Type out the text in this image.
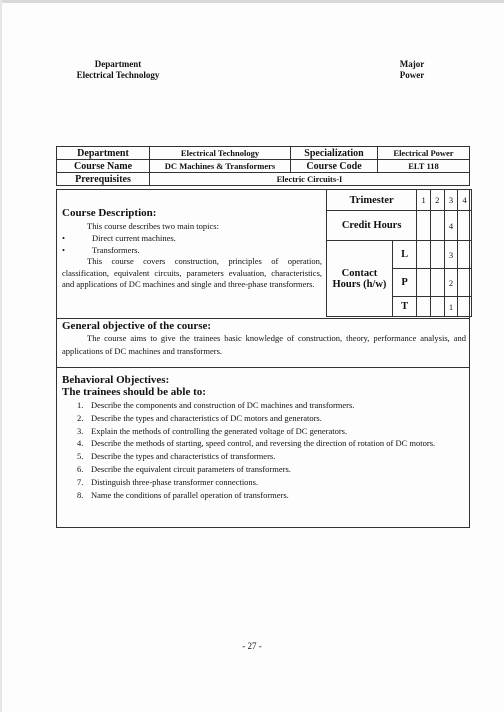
Department
Electrical Technology
Major
Power
Department	Electrical Technology	Specialization	Electrical Power
Course Name	DC Machines & Transformers	Course Code	ELT 118
Prerequisites	Electric Circuits-I		
Course Description:
This course describes two main topics:
•	Direct current machines.
•	Transformers.
This course covers construction, principles of operation, classification, equivalent circuits, parameters evaluation, characteristics, and applications of DC machines and single and three-phase transformers.
Trimester		1	2	3	4
Credit Hours				4	
Contact Hours (h/w)	L			3	
	P			2	
	T			1	
General objective of the course:
The course aims to give the trainees basic knowledge of construction, theory, performance analysis, and applications of DC machines and transformers.
Behavioral Objectives:
The trainees should be able to:
1. Describe the components and construction of DC machines and transformers.
2. Describe the types and characteristics of DC motors and generators.
3. Explain the methods of controlling the generated voltage of DC generators.
4. Describe the methods of starting, speed control, and reversing the direction of rotation of DC motors.
5. Describe the types and characteristics of transformers.
6. Describe the equivalent circuit parameters of transformers.
7. Distinguish three-phase transformer connections.
8. Name the conditions of parallel operation of transformers.
- 27 -
